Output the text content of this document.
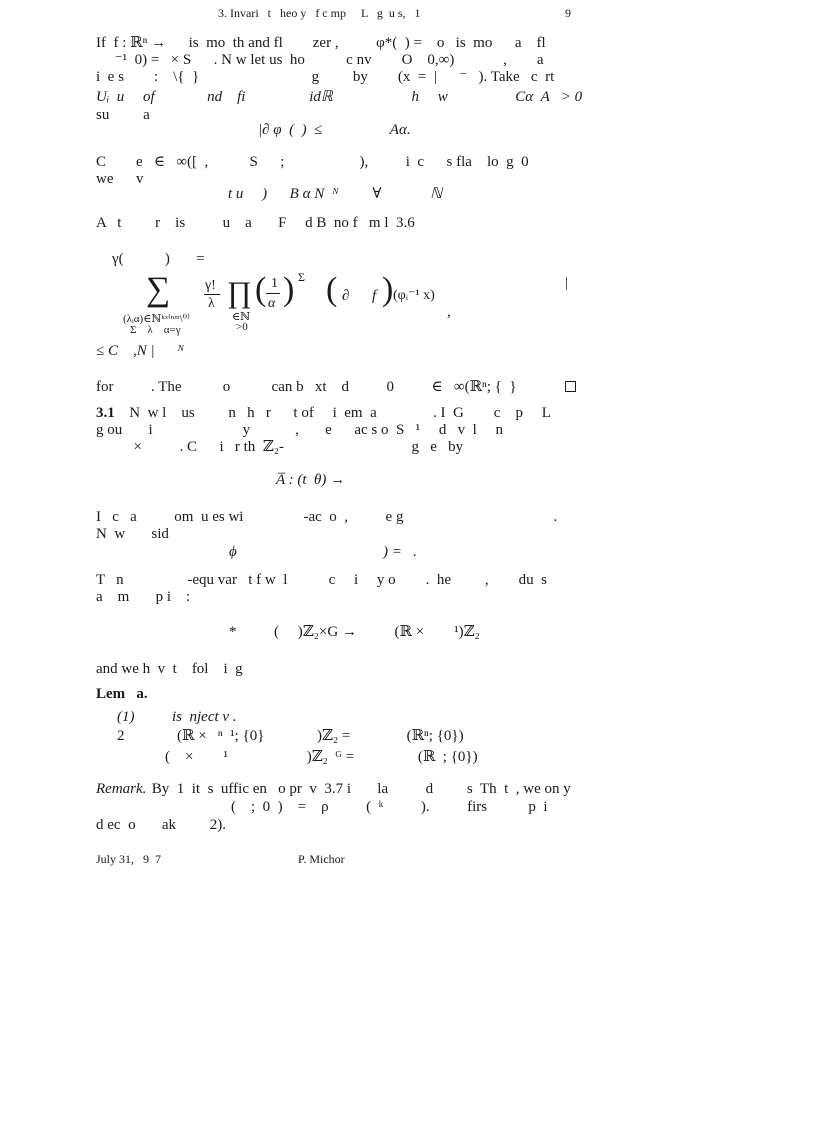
3. Invari   t   heo y   f c mp     L   g  u s,   1	9
If  f : ℝⁿ →      is  mo  th and fl        zer ,          φ*(  ) =    o   is  mo      a    fl
⁻¹  0) =   × S      . N w let us  ho           c nv        O    0,∞)             ,        a
i  e s        :    \{  }                              g         by        (x  =  |      ⁻   ). Take   c  rt
Uᵢ  u     of              nd    fi                 idℝ                     h     w                  Cα  A   > 0
su         a
|∂ φ  (  )  ≤                  Aα.
C        e   ∈   ∞([  ,           S      ;                    ),          i  c      s fla    lo  g  0
we      v
t u     )      B α N  ᴺ         ∀             ℕ
A   t         r    is          u    a       F     d B  no f   m l  3.6
γ(           )       =
∑ γ!
λ ∏ ( 1
α ) Σ ( ∂ f ) (φᵢ⁻¹ x)
(λᵢα)∈ℕᵏˣ⁽ⁿᵐ\⁰⁾
Σ    λ    α=γ
∈ℕ
>0
|
,
≤ C    ,N |      ᴺ
for          . The           o           can b   xt    d          0          ∈   ∞(ℝⁿ; {  }
3.1 N  w l    us         n   h   r      t of     i  em  a               . I  G        c    p     L
g ou       i                        y            ,       e      ac s o  S   ¹     d   v  l     n
×          . C      i   r th  ℤ₂-                                  g   e   by
A̅ : (t  θ) →
I   c   a          om  u es wi                -ac  o  ,          e g                                        .
N  w       sid
ϕ                                       ) =   .
T   n                 -equ var   t f w  l           c     i     y o        .  he         ,        du  s
a    m       p i    :
*          (     )ℤ₂×G →          (ℝ ×        ¹)ℤ₂
and we h  v  t    fol    i  g
Lem   a.
(1)          is  nject v .
2              (ℝ ×   ⁿ  ¹; {0}              )ℤ₂ =               (ℝⁿ; {0})
(    ×        ¹                     )ℤ₂  ᴳ =                 (ℝ  ; {0})
Remark. By  1  it  s  uffic en   o pr  v  3.7 i       la          d         s  Th  t  , we on y
(    ;  0  )    =    ρ          (  ᵏ          ).          firs           p  i
d ec  o       ak         2).
July 31,   9  7	P. Michor
